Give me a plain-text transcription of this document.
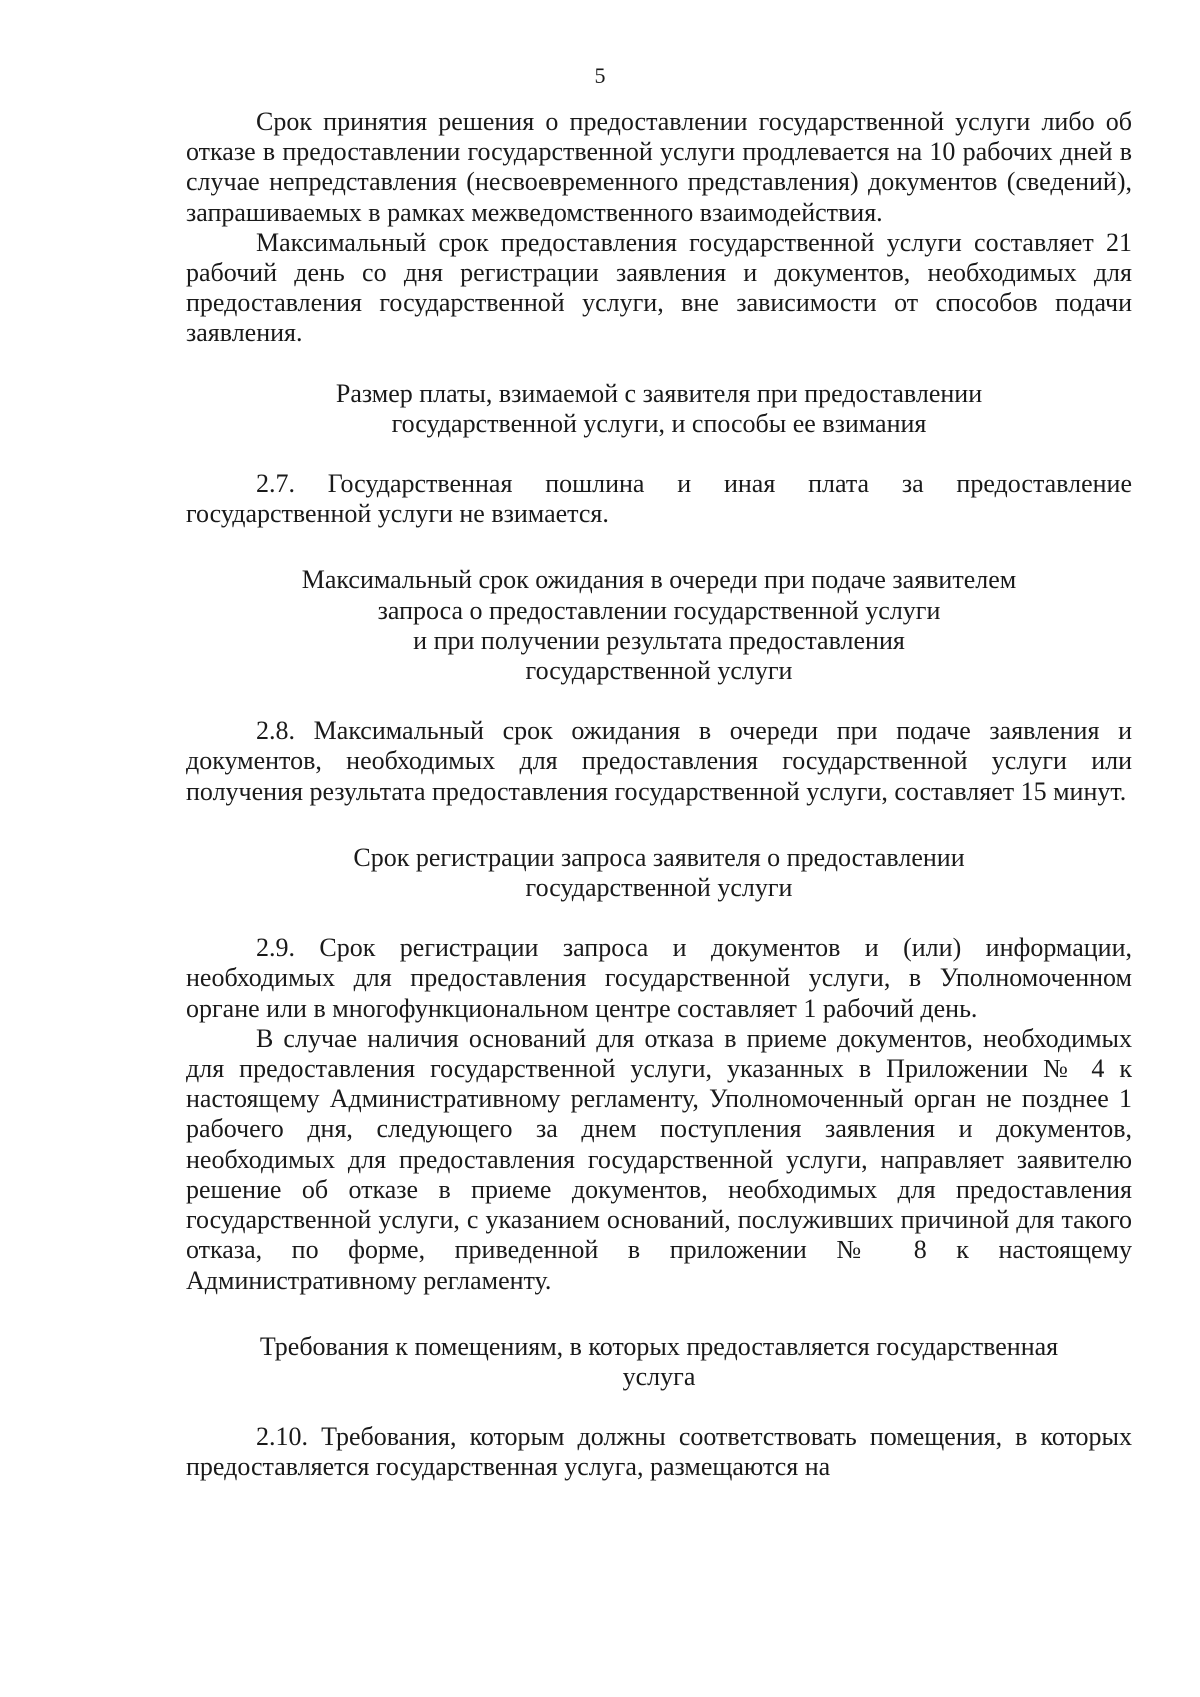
5

Срок принятия решения о предоставлении государственной услуги либо об отказе в предоставлении государственной услуги продлевается на 10 рабочих дней в случае непредставления (несвоевременного представления) документов (сведений), запрашиваемых в рамках межведомственного взаимодействия.

Максимальный срок предоставления государственной услуги составляет 21 рабочий день со дня регистрации заявления и документов, необходимых для предоставления государственной услуги, вне зависимости от способов подачи заявления.

Размер платы, взимаемой с заявителя при предоставлении
государственной услуги, и способы ее взимания

2.7. Государственная пошлина и иная плата за предоставление государственной услуги не взимается.

Максимальный срок ожидания в очереди при подаче заявителем
запроса о предоставлении государственной услуги
и при получении результата предоставления
государственной услуги

2.8. Максимальный срок ожидания в очереди при подаче заявления и документов, необходимых для предоставления государственной услуги или получения результата предоставления государственной услуги, составляет 15 минут.

Срок регистрации запроса заявителя о предоставлении
государственной услуги

2.9. Срок регистрации запроса и документов и (или) информации, необходимых для предоставления государственной услуги, в Уполномоченном органе или в многофункциональном центре составляет 1 рабочий день.

В случае наличия оснований для отказа в приеме документов, необходимых для предоставления государственной услуги, указанных в Приложении № 4 к настоящему Административному регламенту, Уполномоченный орган не позднее 1 рабочего дня, следующего за днем поступления заявления и документов, необходимых для предоставления государственной услуги, направляет заявителю решение об отказе в приеме документов, необходимых для предоставления государственной услуги, с указанием оснований, послуживших причиной для такого отказа, по форме, приведенной в приложении № 8 к настоящему Административному регламенту.

Требования к помещениям, в которых предоставляется государственная
услуга

2.10. Требования, которым должны соответствовать помещения, в которых предоставляется государственная услуга, размещаются на
